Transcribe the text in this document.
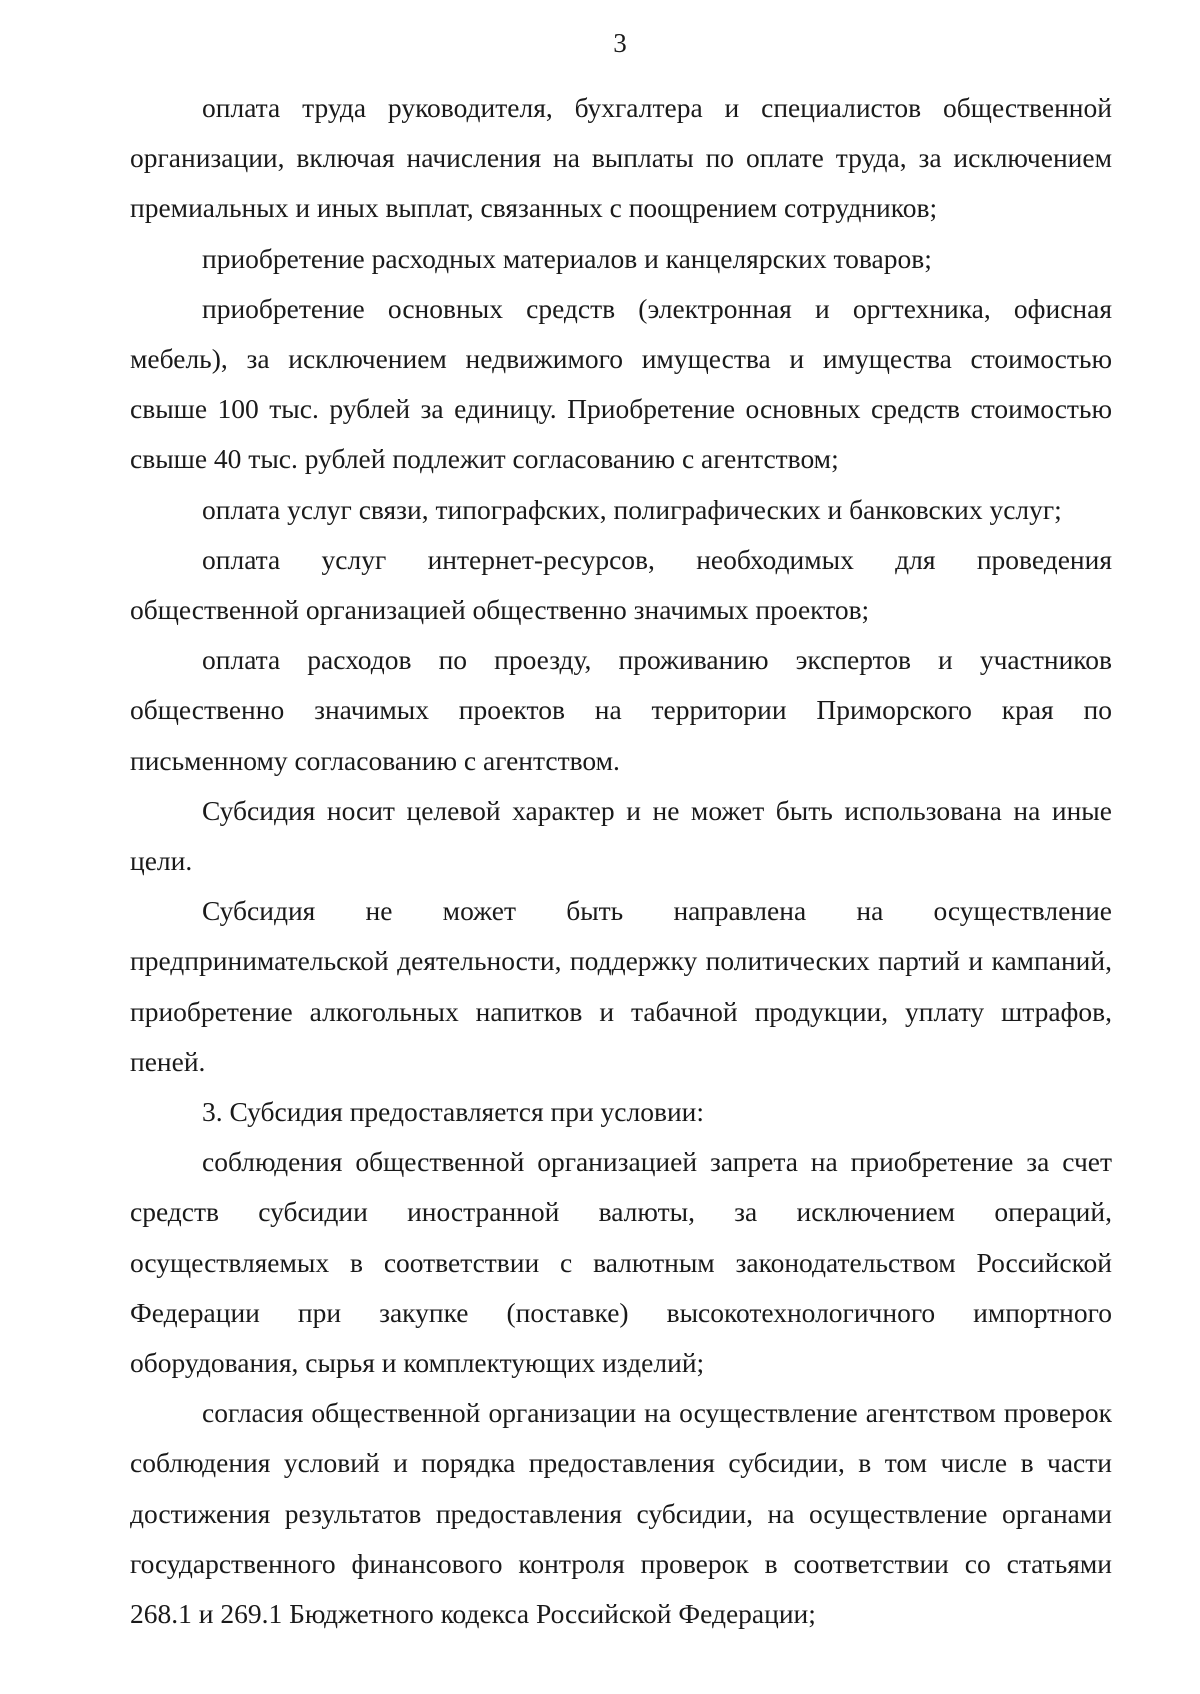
3

оплата труда руководителя, бухгалтера и специалистов общественной организации, включая начисления на выплаты по оплате труда, за исключением премиальных и иных выплат, связанных с поощрением сотрудников;

приобретение расходных материалов и канцелярских товаров;

приобретение основных средств (электронная и оргтехника, офисная мебель), за исключением недвижимого имущества и имущества стоимостью свыше 100 тыс. рублей за единицу. Приобретение основных средств стоимостью свыше 40 тыс. рублей подлежит согласованию с агентством;

оплата услуг связи, типографских, полиграфических и банковских услуг;

оплата услуг интернет-ресурсов, необходимых для проведения общественной организацией общественно значимых проектов;

оплата расходов по проезду, проживанию экспертов и участников общественно значимых проектов на территории Приморского края по письменному согласованию с агентством.

Субсидия носит целевой характер и не может быть использована на иные цели.

Субсидия не может быть направлена на осуществление предпринимательской деятельности, поддержку политических партий и кампаний, приобретение алкогольных напитков и табачной продукции, уплату штрафов, пеней.

3. Субсидия предоставляется при условии:

соблюдения общественной организацией запрета на приобретение за счет средств субсидии иностранной валюты, за исключением операций, осуществляемых в соответствии с валютным законодательством Российской Федерации при закупке (поставке) высокотехнологичного импортного оборудования, сырья и комплектующих изделий;

согласия общественной организации на осуществление агентством проверок соблюдения условий и порядка предоставления субсидии, в том числе в части достижения результатов предоставления субсидии, на осуществление органами государственного финансового контроля проверок в соответствии со статьями 268.1 и 269.1 Бюджетного кодекса Российской Федерации;
